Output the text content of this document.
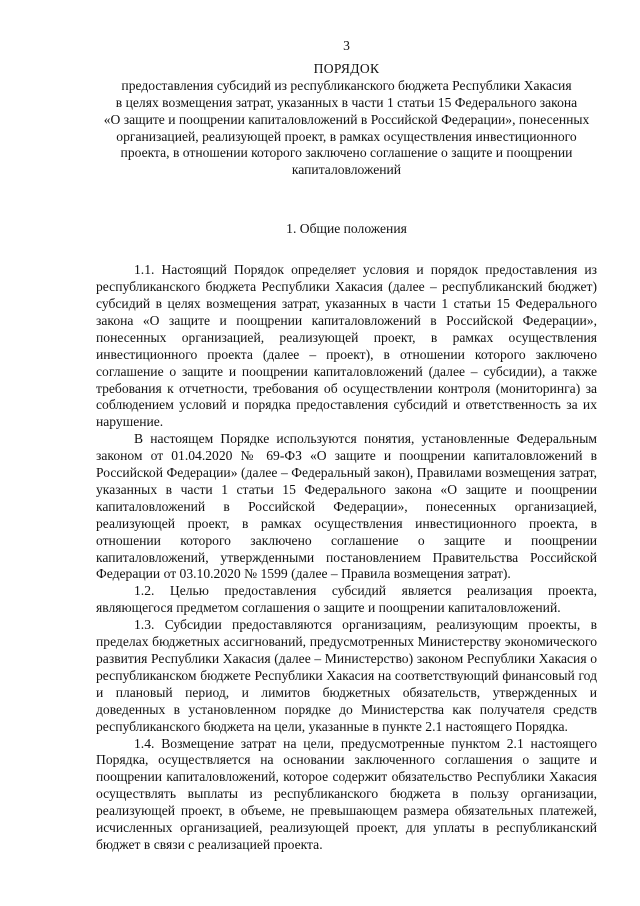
3
ПОРЯДОК
предоставления субсидий из республиканского бюджета Республики Хакасия
в целях возмещения затрат, указанных в части 1 статьи 15 Федерального закона
«О защите и поощрении капиталовложений в Российской Федерации», понесенных
организацией, реализующей проект, в рамках осуществления инвестиционного
проекта, в отношении которого заключено соглашение о защите и поощрении
капиталовложений
1. Общие положения

1.1. Настоящий Порядок определяет условия и порядок предоставления из республиканского бюджета Республики Хакасия (далее – республиканский бюджет) субсидий в целях возмещения затрат, указанных в части 1 статьи 15 Федерального закона «О защите и поощрении капиталовложений в Российской Федерации», понесенных организацией, реализующей проект, в рамках осуществления инвестиционного проекта (далее – проект), в отношении которого заключено соглашение о защите и поощрении капиталовложений (далее – субсидии), а также требования к отчетности, требования об осуществлении контроля (мониторинга) за соблюдением условий и порядка предоставления субсидий и ответственность за их нарушение.

В настоящем Порядке используются понятия, установленные Федеральным законом от 01.04.2020 № 69-ФЗ «О защите и поощрении капиталовложений в Российской Федерации» (далее – Федеральный закон), Правилами возмещения затрат, указанных в части 1 статьи 15 Федерального закона «О защите и поощрении капиталовложений в Российской Федерации», понесенных организацией, реализующей проект, в рамках осуществления инвестиционного проекта, в отношении которого заключено соглашение о защите и поощрении капиталовложений, утвержденными постановлением Правительства Российской Федерации от 03.10.2020 № 1599 (далее – Правила возмещения затрат).

1.2. Целью предоставления субсидий является реализация проекта, являющегося предметом соглашения о защите и поощрении капиталовложений.

1.3. Субсидии предоставляются организациям, реализующим проекты, в пределах бюджетных ассигнований, предусмотренных Министерству экономического развития Республики Хакасия (далее – Министерство) законом Республики Хакасия о республиканском бюджете Республики Хакасия на соответствующий финансовый год и плановый период, и лимитов бюджетных обязательств, утвержденных и доведенных в установленном порядке до Министерства как получателя средств республиканского бюджета на цели, указанные в пункте 2.1 настоящего Порядка.

1.4. Возмещение затрат на цели, предусмотренные пунктом 2.1 настоящего Порядка, осуществляется на основании заключенного соглашения о защите и поощрении капиталовложений, которое содержит обязательство Республики Хакасия осуществлять выплаты из республиканского бюджета в пользу организации, реализующей проект, в объеме, не превышающем размера обязательных платежей, исчисленных организацией, реализующей проект, для уплаты в республиканский бюджет в связи с реализацией проекта.
